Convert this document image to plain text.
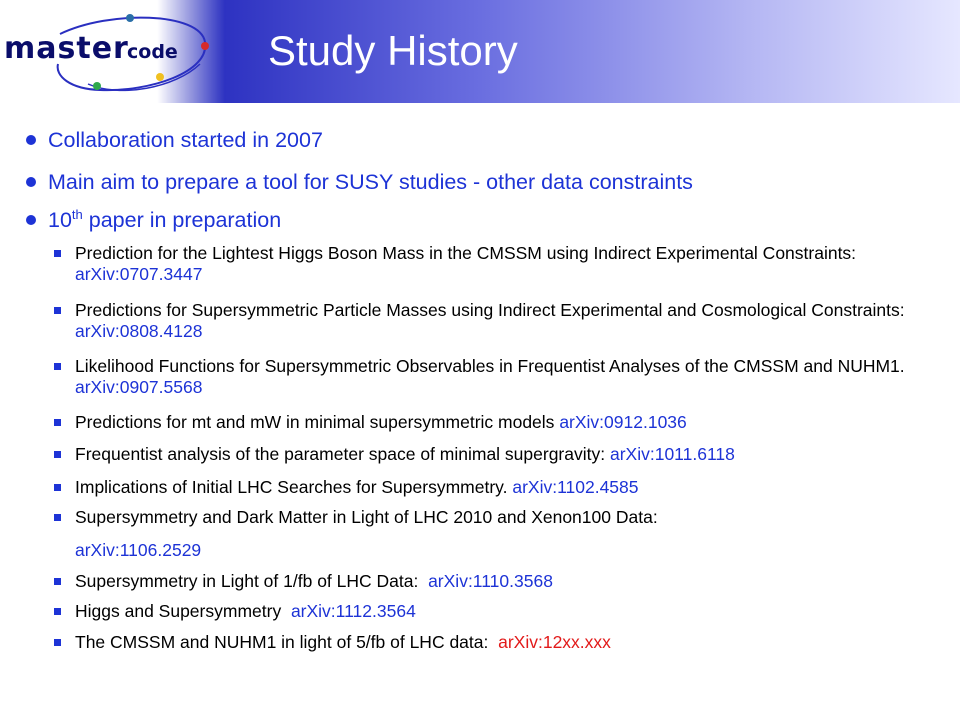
master
code Study History
Collaboration started in 2007
Main aim to prepare a tool for SUSY studies - other data constraints
10th paper in preparation
Prediction for the Lightest Higgs Boson Mass in the CMSSM using Indirect Experimental Constraints:   arXiv:0707.3447
Predictions for Supersymmetric Particle Masses using Indirect Experimental and Cosmological Constraints: arXiv:0808.4128
Likelihood Functions for Supersymmetric Observables in Frequentist Analyses of the CMSSM and NUHM1. arXiv:0907.5568
Predictions for mt and mW in minimal supersymmetric models arXiv:0912.1036
Frequentist analysis of the parameter space of minimal supergravity: arXiv:1011.6118
Implications of Initial LHC Searches for Supersymmetry. arXiv:1102.4585
Supersymmetry and Dark Matter in Light of LHC 2010 and Xenon100 Data:
arXiv:1106.2529
Supersymmetry in Light of 1/fb of LHC Data: arXiv:1110.3568
Higgs and Supersymmetry arXiv:1112.3564
The CMSSM and NUHM1 in light of 5/fb of LHC data: arXiv:12xx.xxx
